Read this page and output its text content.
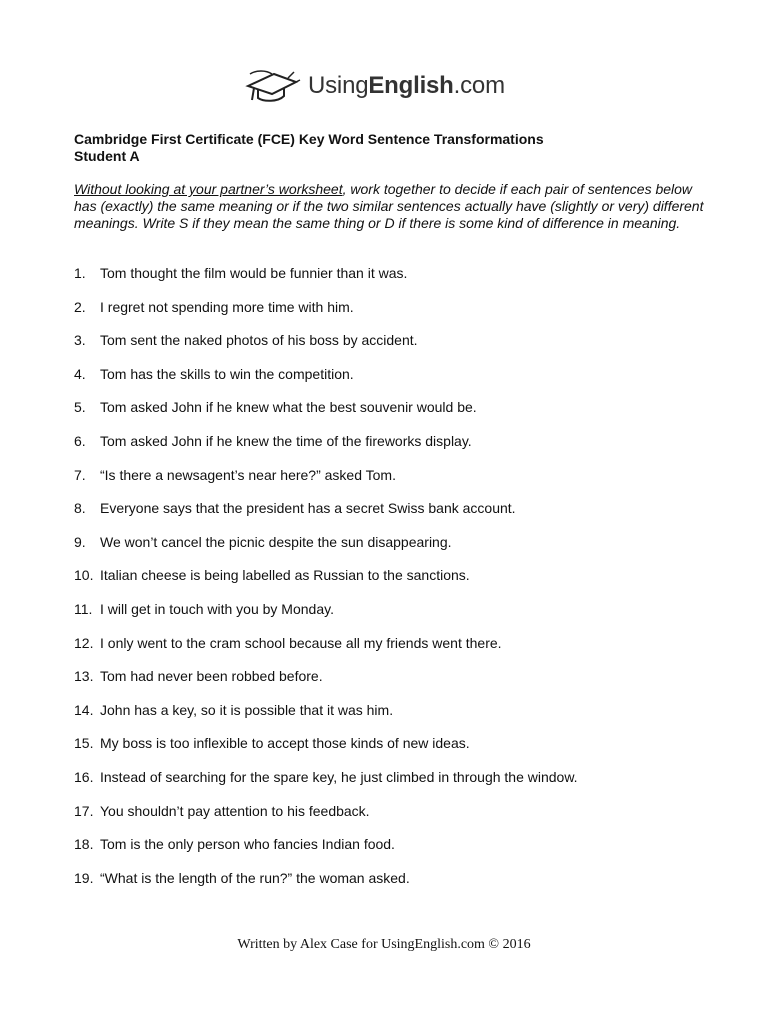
UsingEnglish.com
Cambridge First Certificate (FCE) Key Word Sentence Transformations
Student A
Without looking at your partner’s worksheet, work together to decide if each pair of sentences below has (exactly) the same meaning or if the two similar sentences actually have (slightly or very) different meanings. Write S if they mean the same thing or D if there is some kind of difference in meaning.
1.	Tom thought the film would be funnier than it was.
2.	I regret not spending more time with him.
3.	Tom sent the naked photos of his boss by accident.
4.	Tom has the skills to win the competition.
5.	Tom asked John if he knew what the best souvenir would be.
6.	Tom asked John if he knew the time of the fireworks display.
7.	“Is there a newsagent’s near here?” asked Tom.
8.	Everyone says that the president has a secret Swiss bank account.
9.	We won’t cancel the picnic despite the sun disappearing.
10. Italian cheese is being labelled as Russian to the sanctions.
11. I will get in touch with you by Monday.
12. I only went to the cram school because all my friends went there.
13. Tom had never been robbed before.
14. John has a key, so it is possible that it was him.
15. My boss is too inflexible to accept those kinds of new ideas.
16. Instead of searching for the spare key, he just climbed in through the window.
17. You shouldn’t pay attention to his feedback.
18. Tom is the only person who fancies Indian food.
19. “What is the length of the run?” the woman asked.
Written by Alex Case for UsingEnglish.com © 2016
